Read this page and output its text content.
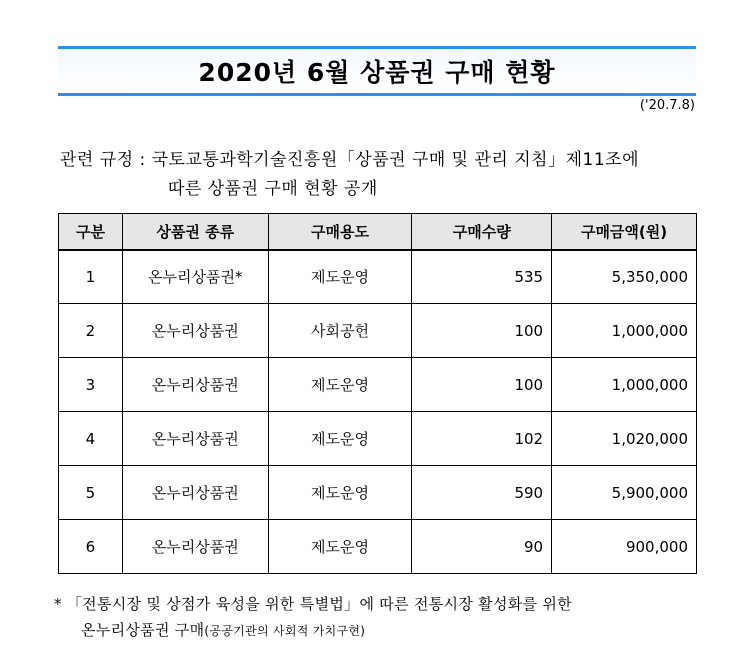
2020년 6월 상품권 구매 현황
('20.7.8)
관련 규정 : 국토교통과학기술진흥원「상품권 구매 및 관리 지침」제11조에
따른 상품권 구매 현황 공개
구분	상품권 종류	구매용도	구매수량	구매금액(원)
1	온누리상품권*	제도운영	535	5,350,000
2	온누리상품권	사회공헌	100	1,000,000
3	온누리상품권	제도운영	100	1,000,000
4	온누리상품권	제도운영	102	1,020,000
5	온누리상품권	제도운영	590	5,900,000
6	온누리상품권	제도운영	90	900,000
* 「전통시장 및 상점가 육성을 위한 특별법」에 따른 전통시장 활성화를 위한
온누리상품권 구매(공공기관의 사회적 가치구현)
